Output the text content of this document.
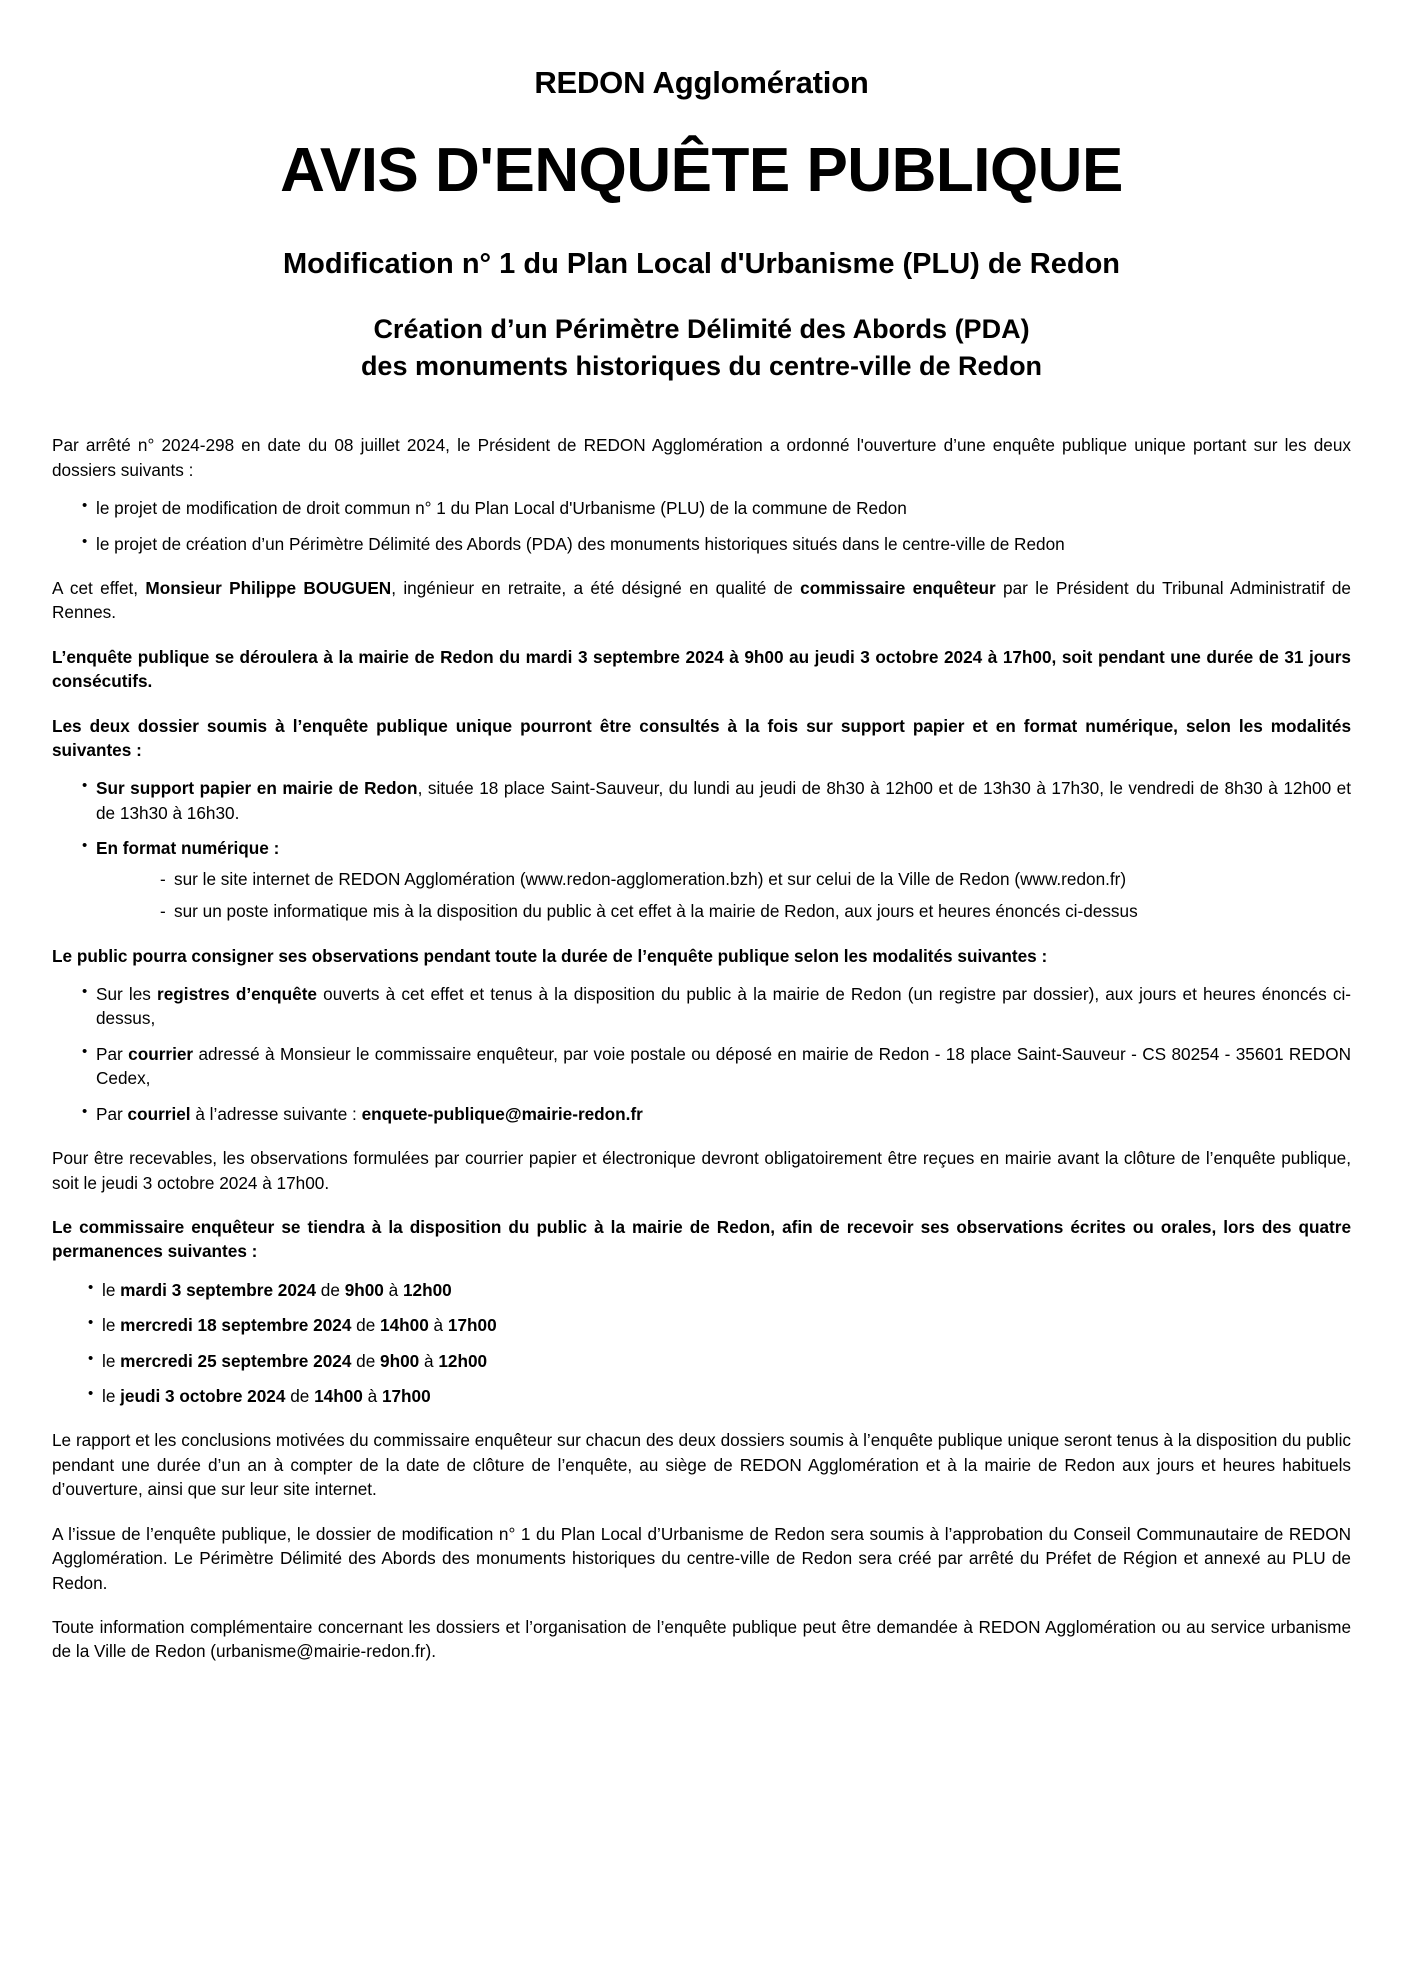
REDON Agglomération
AVIS D'ENQUÊTE PUBLIQUE
Modification n° 1 du Plan Local d'Urbanisme (PLU) de Redon
Création d’un Périmètre Délimité des Abords (PDA)
des monuments historiques du centre-ville de Redon

Par arrêté n° 2024-298 en date du 08 juillet 2024, le Président de REDON Agglomération a ordonné l'ouverture d’une enquête publique unique portant sur les deux dossiers suivants :

• le projet de modification de droit commun n° 1 du Plan Local d'Urbanisme (PLU) de la commune de Redon
• le projet de création d’un Périmètre Délimité des Abords (PDA) des monuments historiques situés dans le centre-ville de Redon

A cet effet, Monsieur Philippe BOUGUEN, ingénieur en retraite, a été désigné en qualité de commissaire enquêteur par le Président du Tribunal Administratif de Rennes.

L’enquête publique se déroulera à la mairie de Redon du mardi 3 septembre 2024 à 9h00 au jeudi 3 octobre 2024 à 17h00, soit pendant une durée de 31 jours consécutifs.

Les deux dossier soumis à l’enquête publique unique pourront être consultés à la fois sur support papier et en format numérique, selon les modalités suivantes :

• Sur support papier en mairie de Redon, située 18 place Saint-Sauveur, du lundi au jeudi de 8h30 à 12h00 et de 13h30 à 17h30, le vendredi de 8h30 à 12h00 et de 13h30 à 16h30.
• En format numérique :
- sur le site internet de REDON Agglomération (www.redon-agglomeration.bzh) et sur celui de la Ville de Redon (www.redon.fr)
- sur un poste informatique mis à la disposition du public à cet effet à la mairie de Redon, aux jours et heures énoncés ci-dessus

Le public pourra consigner ses observations pendant toute la durée de l’enquête publique selon les modalités suivantes :

• Sur les registres d’enquête ouverts à cet effet et tenus à la disposition du public à la mairie de Redon (un registre par dossier), aux jours et heures énoncés ci-dessus,
• Par courrier adressé à Monsieur le commissaire enquêteur, par voie postale ou déposé en mairie de Redon - 18 place Saint-Sauveur - CS 80254 - 35601 REDON Cedex,
• Par courriel à l’adresse suivante : enquete-publique@mairie-redon.fr

Pour être recevables, les observations formulées par courrier papier et électronique devront obligatoirement être reçues en mairie avant la clôture de l’enquête publique, soit le jeudi 3 octobre 2024 à 17h00.

Le commissaire enquêteur se tiendra à la disposition du public à la mairie de Redon, afin de recevoir ses observations écrites ou orales, lors des quatre permanences suivantes :

• le mardi 3 septembre 2024 de 9h00 à 12h00
• le mercredi 18 septembre 2024 de 14h00 à 17h00
• le mercredi 25 septembre 2024 de 9h00 à 12h00
• le jeudi 3 octobre 2024 de 14h00 à 17h00

Le rapport et les conclusions motivées du commissaire enquêteur sur chacun des deux dossiers soumis à l’enquête publique unique seront tenus à la disposition du public pendant une durée d’un an à compter de la date de clôture de l’enquête, au siège de REDON Agglomération et à la mairie de Redon aux jours et heures habituels d’ouverture, ainsi que sur leur site internet.

A l’issue de l’enquête publique, le dossier de modification n° 1 du Plan Local d’Urbanisme de Redon sera soumis à l’approbation du Conseil Communautaire de REDON Agglomération. Le Périmètre Délimité des Abords des monuments historiques du centre-ville de Redon sera créé par arrêté du Préfet de Région et annexé au PLU de Redon.

Toute information complémentaire concernant les dossiers et l’organisation de l’enquête publique peut être demandée à REDON Agglomération ou au service urbanisme de la Ville de Redon (urbanisme@mairie-redon.fr).
